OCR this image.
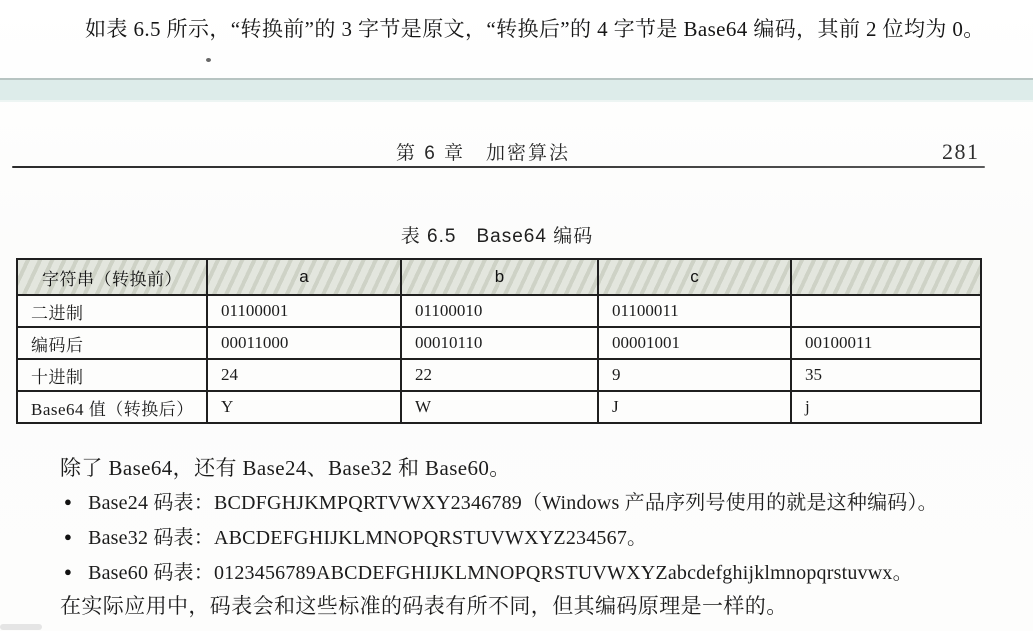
如表 6.5 所示，“转换前”的 3 字节是原文，“转换后”的 4 字节是 Base64 编码，其前 2 位均为 0。
第 6 章　加密算法	281
表 6.5　Base64 编码
字符串（转换前）	a	b	c	
二进制	01100001	01100010	01100011	
编码后	00011000	00010110	00001001	00100011
十进制	24	22	9	35
Base64 值（转换后）	Y	W	J	j
除了 Base64，还有 Base24、Base32 和 Base60。
● Base24 码表：BCDFGHJKMPQRTVWXY2346789（Windows 产品序列号使用的就是这种编码）。
● Base32 码表：ABCDEFGHIJKLMNOPQRSTUVWXYZ234567。
● Base60 码表：0123456789ABCDEFGHIJKLMNOPQRSTUVWXYZabcdefghijklmnopqrstuvwx。
在实际应用中，码表会和这些标准的码表有所不同，但其编码原理是一样的。
